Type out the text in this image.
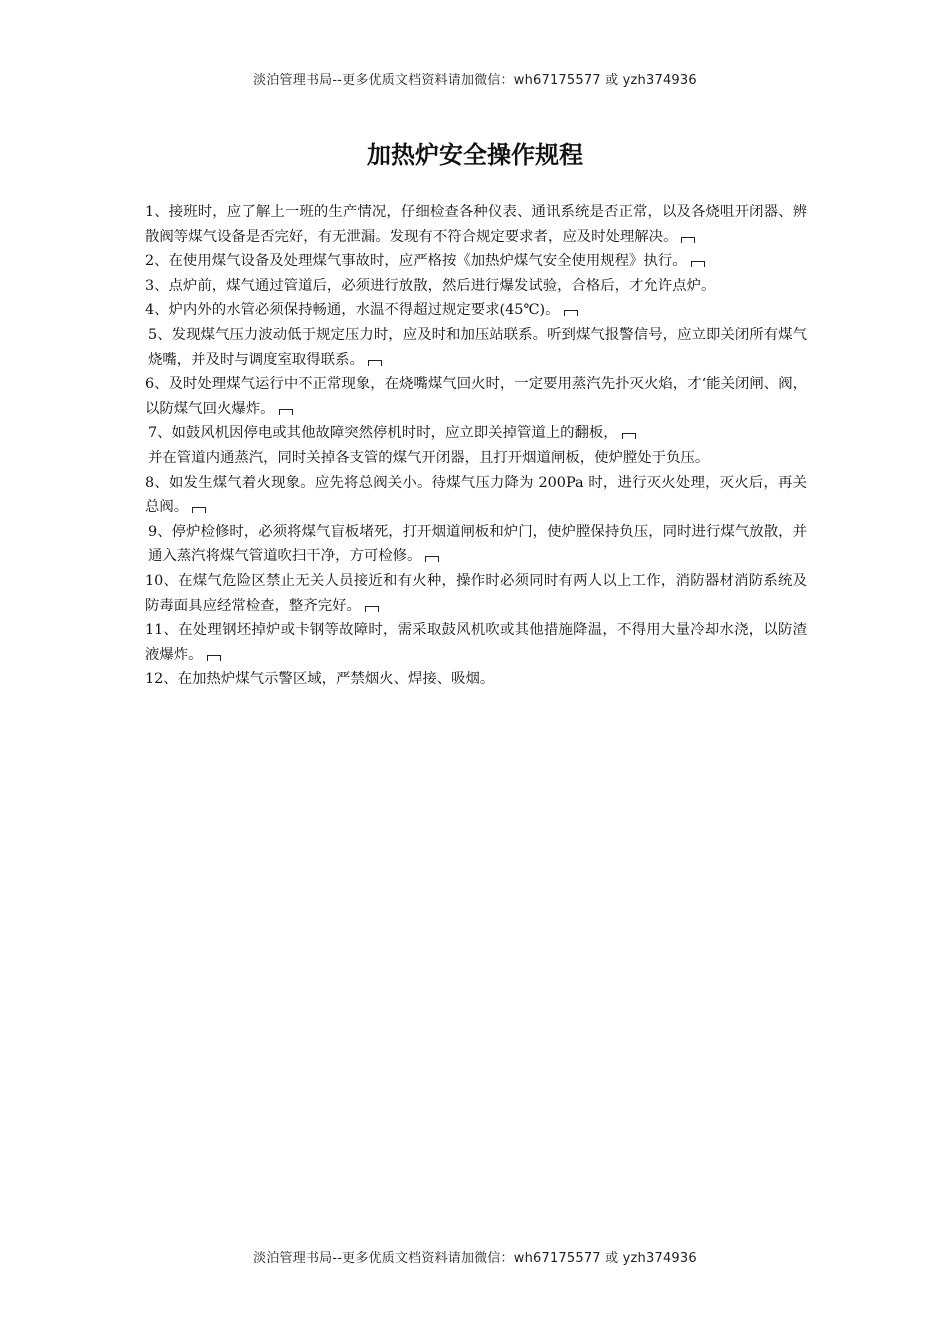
淡泊管理书局--更多优质文档资料请加微信：wh67175577 或 yzh374936
加热炉安全操作规程

1、接班时，应了解上一班的生产情况，仔细检查各种仪表、通讯系统是否正常，以及各烧咀开闭器、辨散阀等煤气设备是否完好，有无泄漏。发现有不符合规定要求者，应及时处理解决。

2、在使用煤气设备及处理煤气事故时，应严格按《加热炉煤气安全使用规程》执行。

3、点炉前，煤气通过管道后，必须进行放散，然后进行爆发试验，合格后，才允许点炉。

4、炉内外的水管必须保持畅通，水温不得超过规定要求(45℃)。

5、发现煤气压力波动低于规定压力时，应及时和加压站联系。听到煤气报警信号，应立即关闭所有煤气烧嘴，并及时与调度室取得联系。

6、及时处理煤气运行中不正常现象，在烧嘴煤气回火时，一定要用蒸汽先扑灭火焰，才‘能关闭闸、阀，以防煤气回火爆炸。

7、如鼓风机因停电或其他故障突然停机时时，应立即关掉管道上的翻板，

并在管道内通蒸汽，同时关掉各支管的煤气开闭器，且打开烟道闸板，使炉膛处于负压。

8、如发生煤气着火现象。应先将总阀关小。待煤气压力降为 200Pa 时，进行灭火处理，灭火后，再关总阀。

9、停炉检修时，必须将煤气盲板堵死，打开烟道闸板和炉门，使炉膛保持负压，同时进行煤气放散，并通入蒸汽将煤气管道吹扫干净，方可检修。

10、在煤气危险区禁止无关人员接近和有火种，操作时必须同时有两人以上工作，消防器材消防系统及防毒面具应经常检查，整齐完好。

11、在处理钢坯掉炉或卡钢等故障时，需采取鼓风机吹或其他措施降温，不得用大量冷却水浇，以防渣液爆炸。

12、在加热炉煤气示警区域，严禁烟火、焊接、吸烟。

淡泊管理书局--更多优质文档资料请加微信：wh67175577 或 yzh374936
